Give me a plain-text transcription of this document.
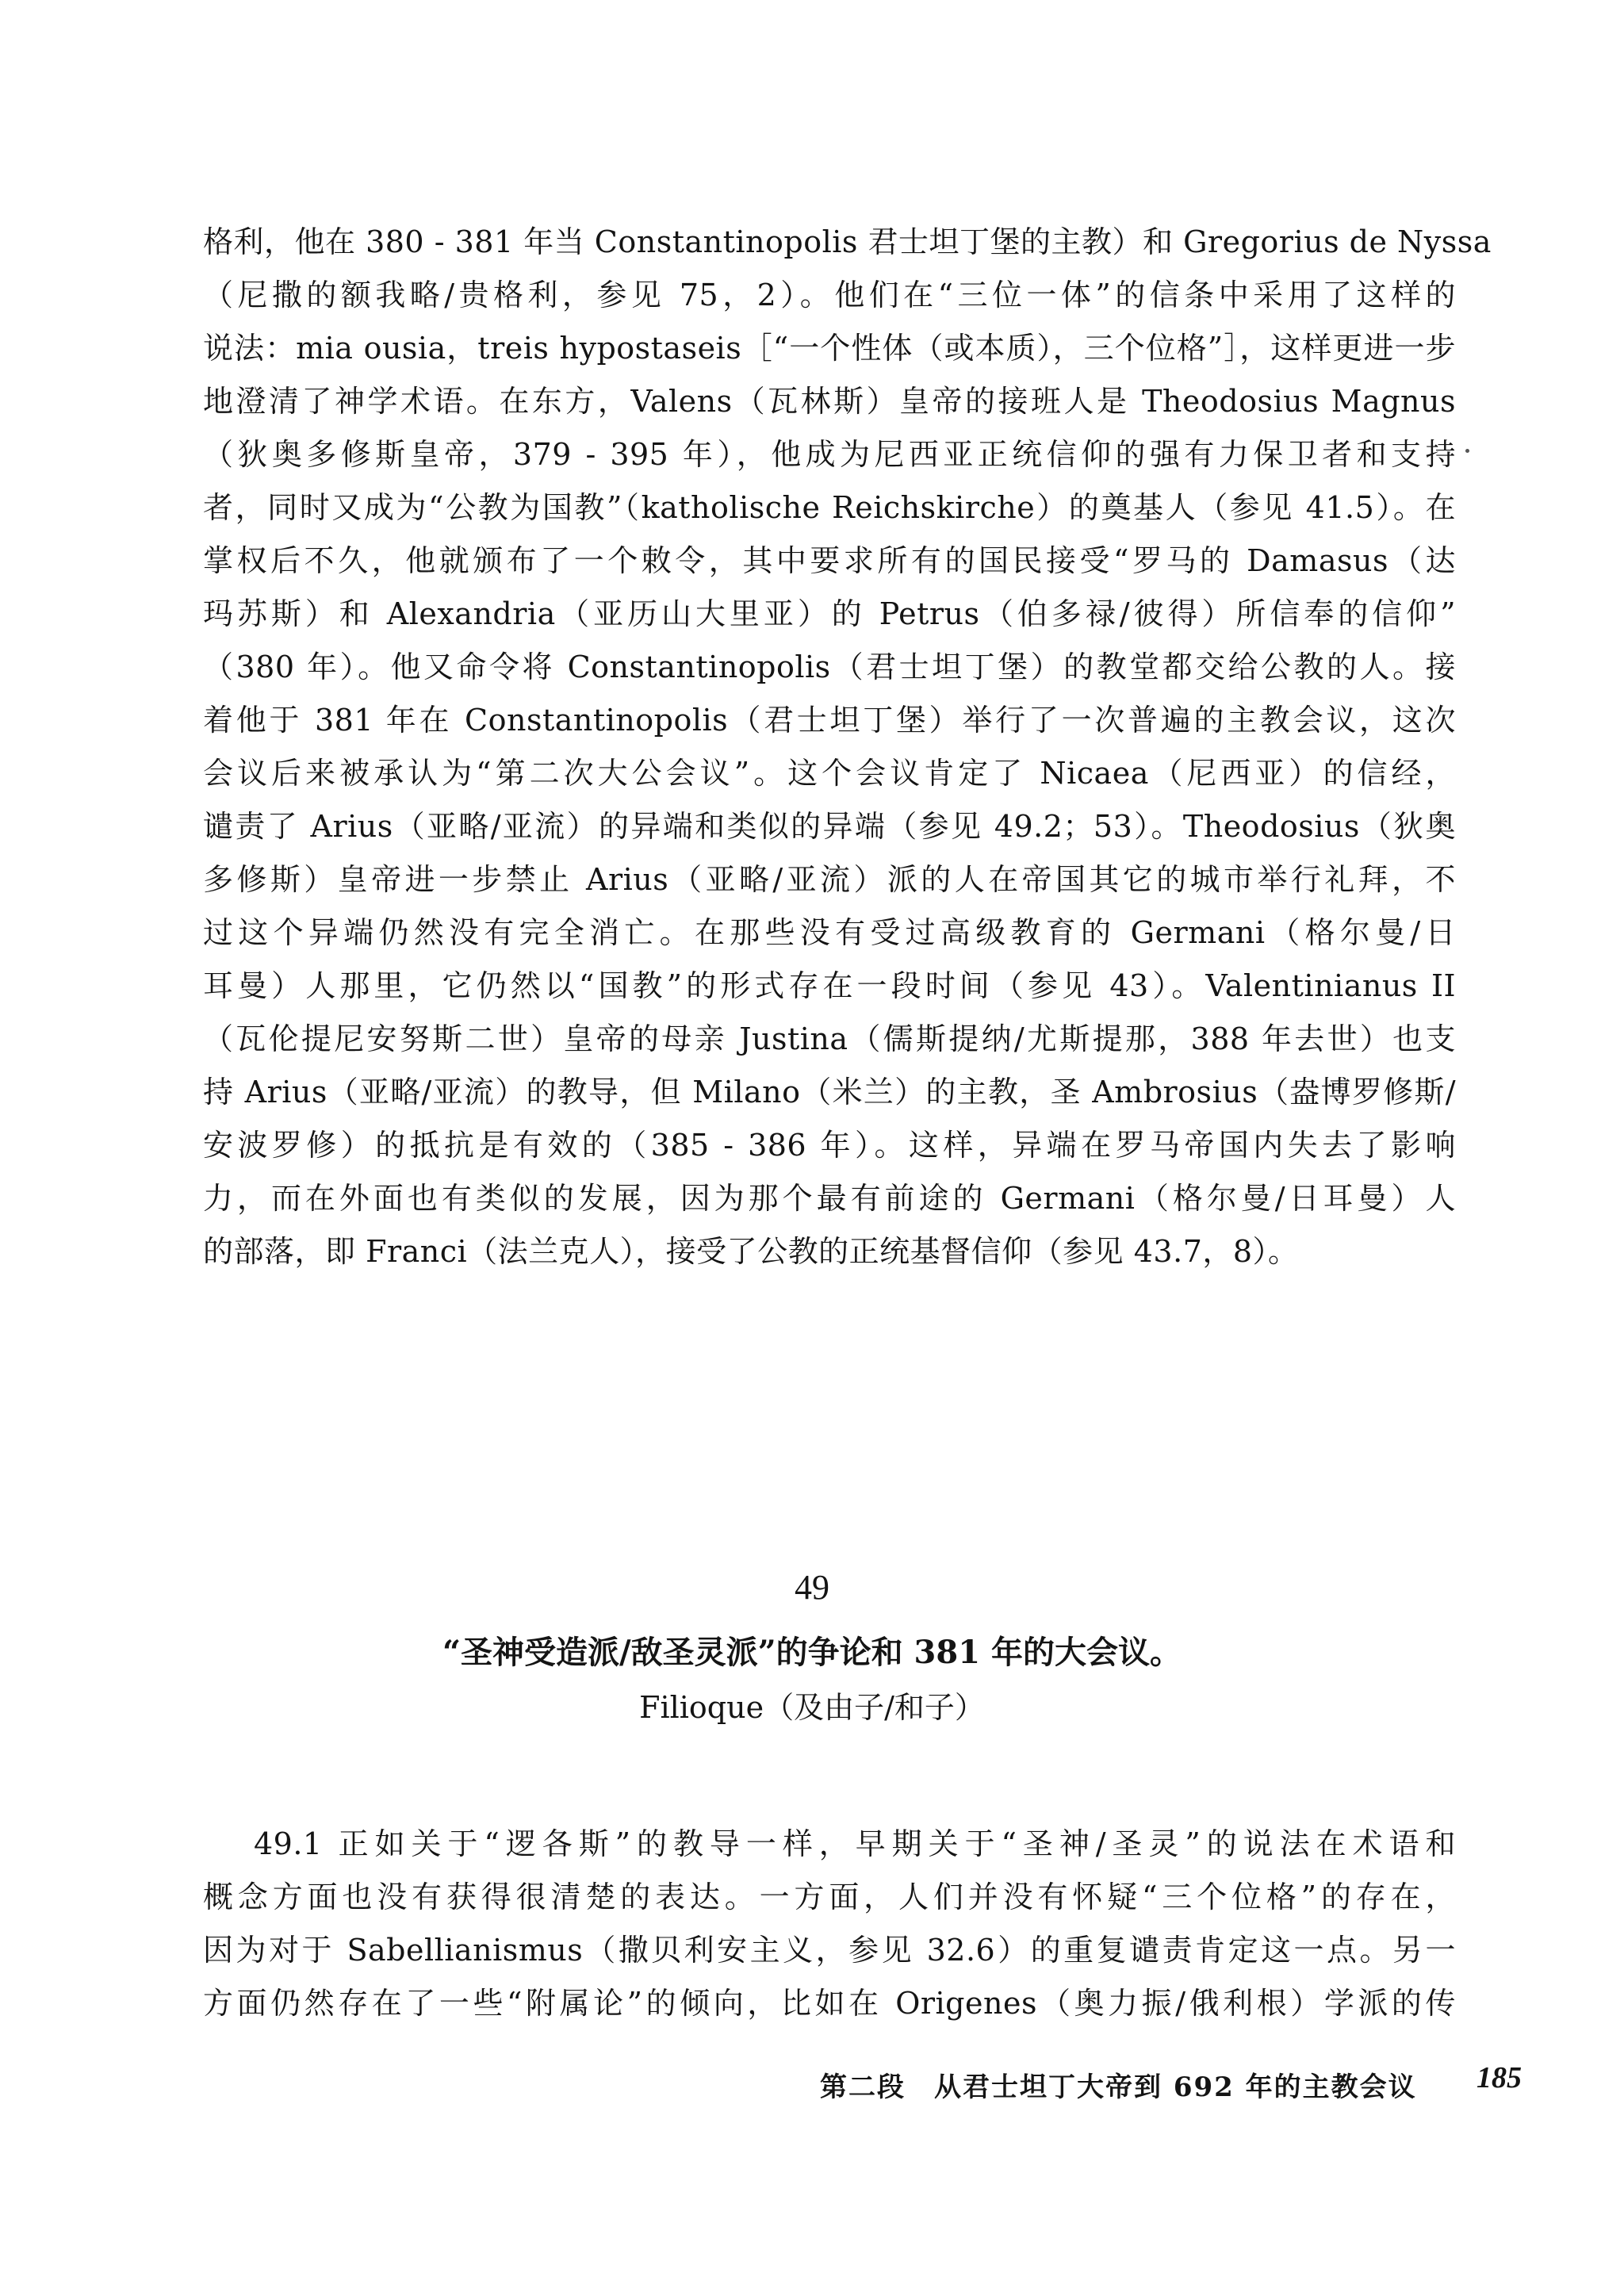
格利，他在 380 - 381 年当 Constantinopolis 君士坦丁堡的主教）和 Gregorius de Nyssa
（尼撒的额我略/贵格利，参见 75，2）。他们在“三位一体”的信条中采用了这样的
说法：mia ousia，treis hypostaseis［“一个性体（或本质），三个位格”］，这样更进一步
地澄清了神学术语。在东方，Valens（瓦林斯）皇帝的接班人是 Theodosius Magnus
（狄奥多修斯皇帝，379 - 395 年），他成为尼西亚正统信仰的强有力保卫者和支持
者，同时又成为“公教为国教”（katholische Reichskirche）的奠基人（参见 41.5）。在
掌权后不久，他就颁布了一个敕令，其中要求所有的国民接受“罗马的 Damasus（达
玛苏斯）和 Alexandria（亚历山大里亚）的 Petrus（伯多禄/彼得）所信奉的信仰”
（380 年）。他又命令将 Constantinopolis（君士坦丁堡）的教堂都交给公教的人。接
着他于 381 年在 Constantinopolis（君士坦丁堡）举行了一次普遍的主教会议，这次
会议后来被承认为“第二次大公会议”。这个会议肯定了 Nicaea（尼西亚）的信经，
谴责了 Arius（亚略/亚流）的异端和类似的异端（参见 49.2；53）。Theodosius（狄奥
多修斯）皇帝进一步禁止 Arius（亚略/亚流）派的人在帝国其它的城市举行礼拜，不
过这个异端仍然没有完全消亡。在那些没有受过高级教育的 Germani（格尔曼/日
耳曼）人那里，它仍然以“国教”的形式存在一段时间（参见 43）。Valentinianus II
（瓦伦提尼安努斯二世）皇帝的母亲 Justina（儒斯提纳/尤斯提那，388 年去世）也支
持 Arius（亚略/亚流）的教导，但 Milano（米兰）的主教，圣 Ambrosius（盎博罗修斯/
安波罗修）的抵抗是有效的（385 - 386 年）。这样，异端在罗马帝国内失去了影响
力，而在外面也有类似的发展，因为那个最有前途的 Germani（格尔曼/日耳曼）人
的部落，即 Franci（法兰克人），接受了公教的正统基督信仰（参见 43.7，8）。
49
“圣神受造派/敌圣灵派”的争论和 381 年的大会议。
Filioque（及由子/和子）
49.1 正如关于“逻各斯”的教导一样，早期关于“圣神/圣灵”的说法在术语和
概念方面也没有获得很清楚的表达。一方面，人们并没有怀疑“三个位格”的存在，
因为对于 Sabellianismus（撒贝利安主义，参见 32.6）的重复谴责肯定这一点。另一
方面仍然存在了一些“附属论”的倾向，比如在 Origenes（奥力振/俄利根）学派的传
第二段　从君士坦丁大帝到 692 年的主教会议	185
